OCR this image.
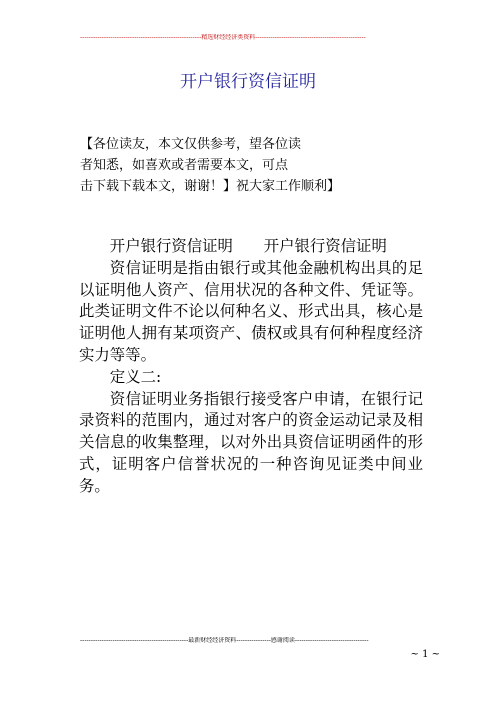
--------------------------------------------------------精选财经经济类资料---------------------------------------------------
开户银行资信证明
【各位读友，本文仅供参考，望各位读
者知悉，如喜欢或者需要本文，可点
击下载下载本文，谢谢！】祝大家工作顺利】

开户银行资信证明　　开户银行资信证明

资信证明是指由银行或其他金融机构出具的足以证明他人资产、信用状况的各种文件、凭证等。此类证明文件不论以何种名义、形式出具，核心是证明他人拥有某项资产、债权或具有何种程度经济实力等等。

定义二:

资信证明业务指银行接受客户申请，在银行记录资料的范围内，通过对客户的资金运动记录及相关信息的收集整理，以对外出具资信证明函件的形式，证明客户信誉状况的一种咨询见证类中间业务。

--------------------------------------------------最新财经经济资料----------------感谢阅读----------------------------------
~ 1 ~
